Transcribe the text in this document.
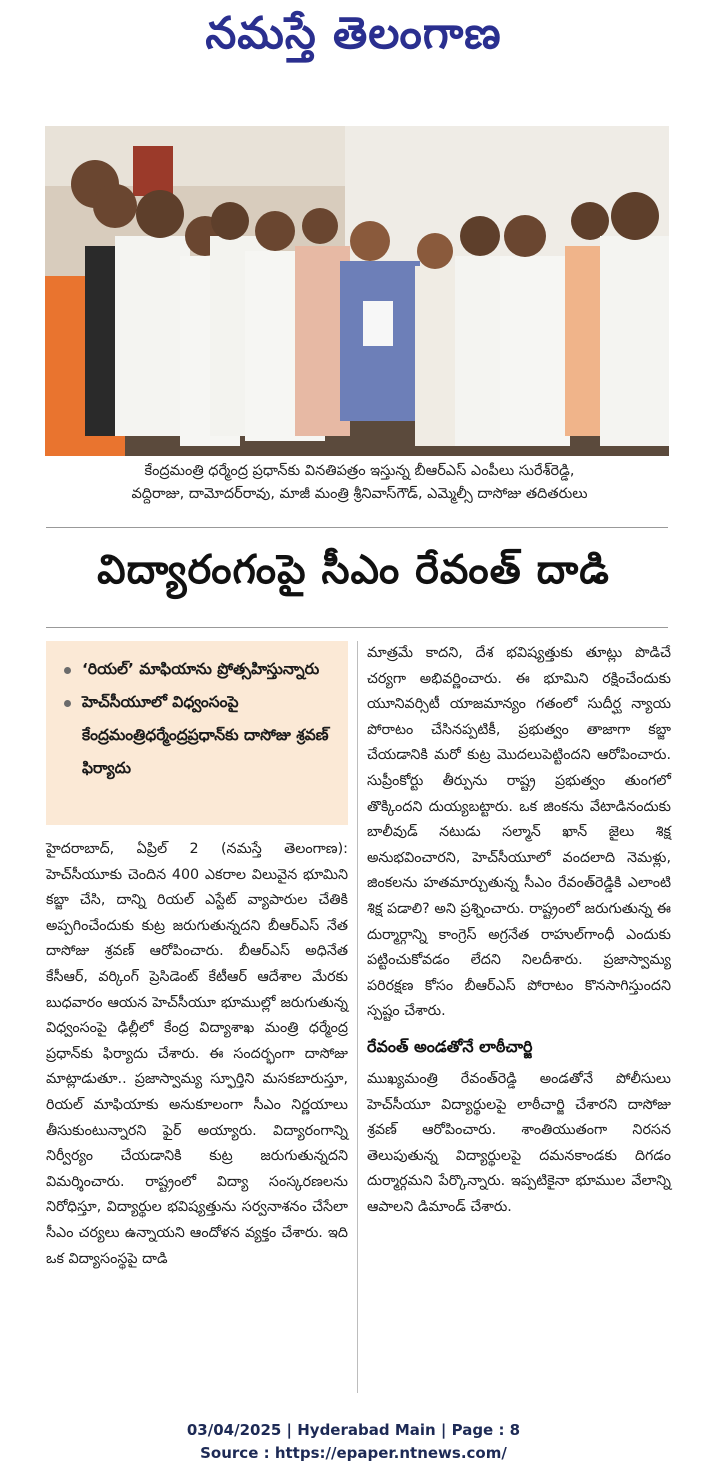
నమస్తే తెలంగాణ
కేంద్రమంత్రి ధర్మేంద్ర ప్రధాన్‌కు వినతిపత్రం ఇస్తున్న బీఆర్ఎస్ ఎంపీలు సురేశ్‌రెడ్డి,
వద్దిరాజు, దామోదర్‌రావు, మాజీ మంత్రి శ్రీనివాస్‌గౌడ్, ఎమ్మెల్సీ దాసోజు తదితరులు
విద్యారంగంపై సీఎం రేవంత్ దాడి
‘రియల్’ మాఫియాను ప్రోత్సహిస్తున్నారు
హెచ్‌సీయూలో విధ్వంసంపై కేంద్రమంత్రిధర్మేంద్రప్రధాన్‌కు దాసోజు శ్రవణ్ ఫిర్యాదు

హైదరాబాద్, ఏప్రిల్ 2 (నమస్తే తెలంగాణ): హెచ్‌సీయూకు చెందిన 400 ఎకరాల విలువైన భూమిని కబ్జా చేసి, దాన్ని రియల్ ఎస్టేట్ వ్యాపారుల చేతికి అప్పగించేందుకు కుట్ర జరుగుతున్నదని బీఆర్ఎస్ నేత దాసోజు శ్రవణ్ ఆరోపించారు. బీఆర్ఎస్ అధినేత కేసీఆర్, వర్కింగ్ ప్రెసిడెంట్ కేటీఆర్ ఆదేశాల మేరకు బుధవారం ఆయన హెచ్‌సీయూ భూముల్లో జరుగుతున్న విధ్వంసంపై ఢిల్లీలో కేంద్ర విద్యాశాఖ మంత్రి ధర్మేంద్ర ప్రధాన్‌కు ఫిర్యాదు చేశారు. ఈ సందర్భంగా దాసోజు మాట్లాడుతూ.. ప్రజాస్వామ్య స్ఫూర్తిని మసకబారుస్తూ, రియల్ మాఫియాకు అనుకూలంగా సీఎం నిర్ణయాలు తీసుకుంటున్నారని ఫైర్ అయ్యారు. విద్యారంగాన్ని నిర్వీర్యం చేయడానికి కుట్ర జరుగుతున్నదని విమర్శించారు. రాష్ట్రంలో విద్యా సంస్కరణలను నిరోధిస్తూ, విద్యార్థుల భవిష్యత్తును సర్వనాశనం చేసేలా సీఎం చర్యలు ఉన్నాయని ఆందోళన వ్యక్తం చేశారు. ఇది ఒక విద్యాసంస్థపై దాడి

మాత్రమే కాదని, దేశ భవిష్యత్తుకు తూట్లు పొడిచే చర్యగా అభివర్ణించారు. ఈ భూమిని రక్షించేందుకు యూనివర్సిటీ యాజమాన్యం గతంలో సుదీర్ఘ న్యాయ పోరాటం చేసినప్పటికీ, ప్రభుత్వం తాజాగా కబ్జా చేయడానికి మరో కుట్ర మొదలుపెట్టిందని ఆరోపించారు. సుప్రీంకోర్టు తీర్పును రాష్ట్ర ప్రభుత్వం తుంగలో తొక్కిందని దుయ్యబట్టారు. ఒక జింకను వేటాడినందుకు బాలీవుడ్ నటుడు సల్మాన్ ఖాన్ జైలు శిక్ష అనుభవించారని, హెచ్‌సీయూలో వందలాది నెమళ్లు, జింకలను హతమార్చుతున్న సీఎం రేవంత్‌రెడ్డికి ఎలాంటి శిక్ష పడాలి? అని ప్రశ్నించారు. రాష్ట్రంలో జరుగుతున్న ఈ దుర్మార్గాన్ని కాంగ్రెస్ అగ్రనేత రాహుల్‌గాంధీ ఎందుకు పట్టించుకోవడం లేదని నిలదీశారు. ప్రజాస్వామ్య పరిరక్షణ కోసం బీఆర్ఎస్ పోరాటం కొనసాగిస్తుందని స్పష్టం చేశారు.

రేవంత్ అండతోనే లాఠీచార్జి

ముఖ్యమంత్రి రేవంత్‌రెడ్డి అండతోనే పోలీసులు హెచ్‌సీయూ విద్యార్థులపై లాఠీచార్జి చేశారని దాసోజు శ్రవణ్ ఆరోపించారు. శాంతియుతంగా నిరసన తెలుపుతున్న విద్యార్థులపై దమనకాండకు దిగడం దుర్మార్గమని పేర్కొన్నారు. ఇప్పటికైనా భూముల వేలాన్ని ఆపాలని డిమాండ్ చేశారు.

03/04/2025 | Hyderabad Main | Page : 8
Source : https://epaper.ntnews.com/
